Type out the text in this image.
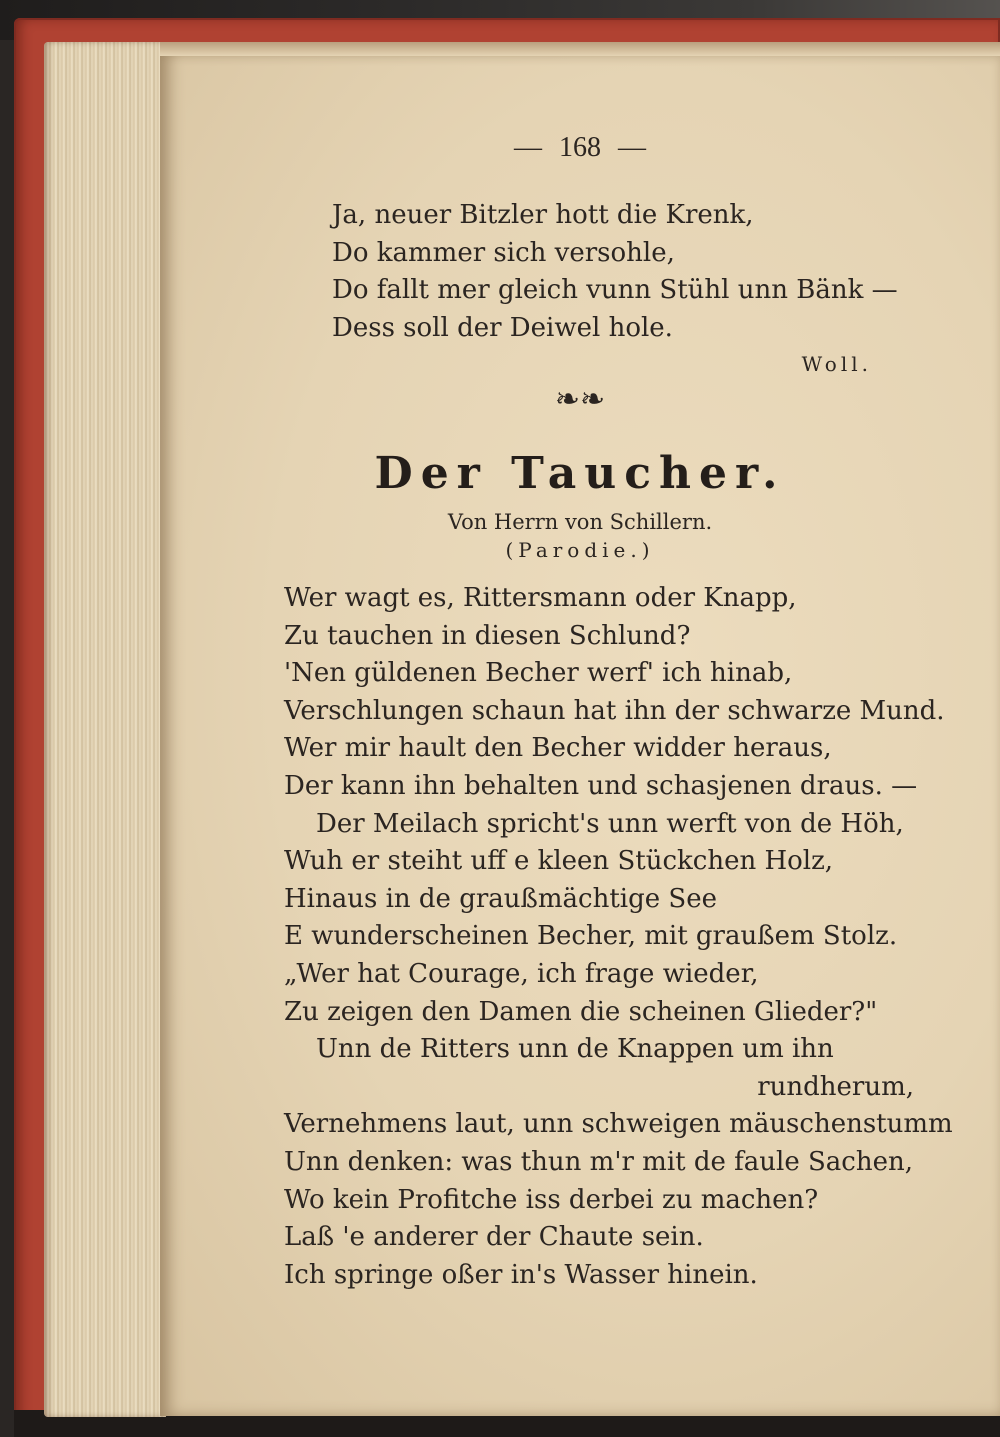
— 168 —
Ja, neuer Bitzler hott die Krenk,
Do kammer sich versohle,
Do fallt mer gleich vunn Stühl unn Bänk —
Dess soll der Deiwel hole.
Woll.
❧❧
Der Taucher.
Von Herrn von Schillern.
(Parodie.)
Wer wagt es, Rittersmann oder Knapp,
Zu tauchen in diesen Schlund?
'Nen güldenen Becher werf' ich hinab,
Verschlungen schaun hat ihn der schwarze Mund.
Wer mir hault den Becher widder heraus,
Der kann ihn behalten und schasjenen draus. —
Der Meilach spricht's unn werft von de Höh,
Wuh er steiht uff e kleen Stückchen Holz,
Hinaus in de graußmächtige See
E wunderscheinen Becher, mit graußem Stolz.
„Wer hat Courage, ich frage wieder,
Zu zeigen den Damen die scheinen Glieder?"
Unn de Ritters unn de Knappen um ihn
rundherum,
Vernehmens laut, unn schweigen mäuschenstumm
Unn denken: was thun m'r mit de faule Sachen,
Wo kein Profitche iss derbei zu machen?
Laß 'e anderer der Chaute sein.
Ich springe oßer in's Wasser hinein.
